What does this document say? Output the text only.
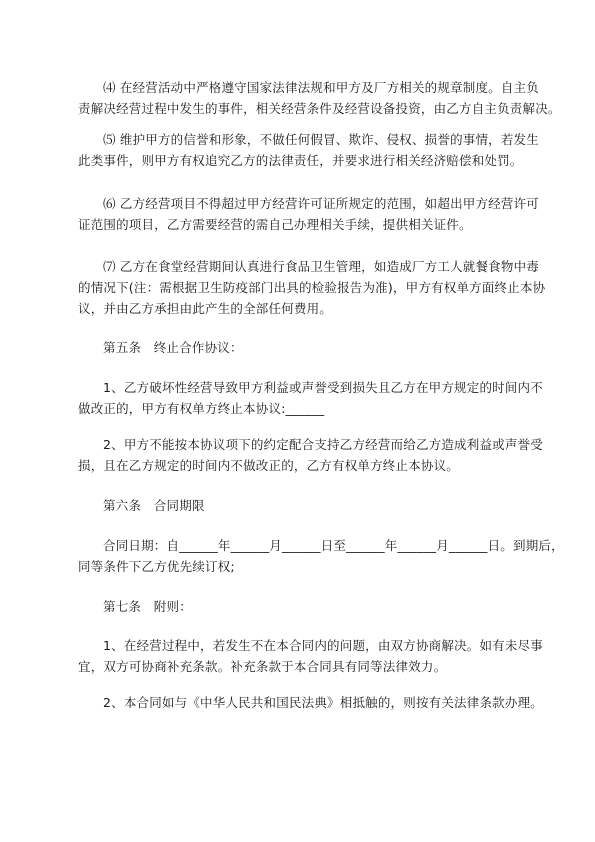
⑷ 在经营活动中严格遵守国家法律法规和甲方及厂方相关的规章制度。自主负
责解决经营过程中发生的事件，相关经营条件及经营设备投资，由乙方自主负责解决。

⑸ 维护甲方的信誉和形象，不做任何假冒、欺诈、侵权、损誉的事情，若发生
此类事件，则甲方有权追究乙方的法律责任，并要求进行相关经济赔偿和处罚。

⑹ 乙方经营项目不得超过甲方经营许可证所规定的范围，如超出甲方经营许可
证范围的项目，乙方需要经营的需自己办理相关手续，提供相关证件。

⑺ 乙方在食堂经营期间认真进行食品卫生管理，如造成厂方工人就餐食物中毒
的情况下(注：需根据卫生防疫部门出具的检验报告为准)，甲方有权单方面终止本协
议，并由乙方承担由此产生的全部任何费用。

第五条　终止合作协议：

1、乙方破坏性经营导致甲方利益或声誉受到损失且乙方在甲方规定的时间内不
做改正的，甲方有权单方终止本协议:______

2、甲方不能按本协议项下的约定配合支持乙方经营而给乙方造成利益或声誉受
损，且在乙方规定的时间内不做改正的，乙方有权单方终止本协议。

第六条　合同期限

合同日期：自______年______月______日至______年______月______日。到期后，
同等条件下乙方优先续订权;

第七条　附则：

1、在经营过程中，若发生不在本合同内的问题，由双方协商解决。如有未尽事
宜，双方可协商补充条款。补充条款于本合同具有同等法律效力。

2、本合同如与《中华人民共和国民法典》相抵触的，则按有关法律条款办理。
